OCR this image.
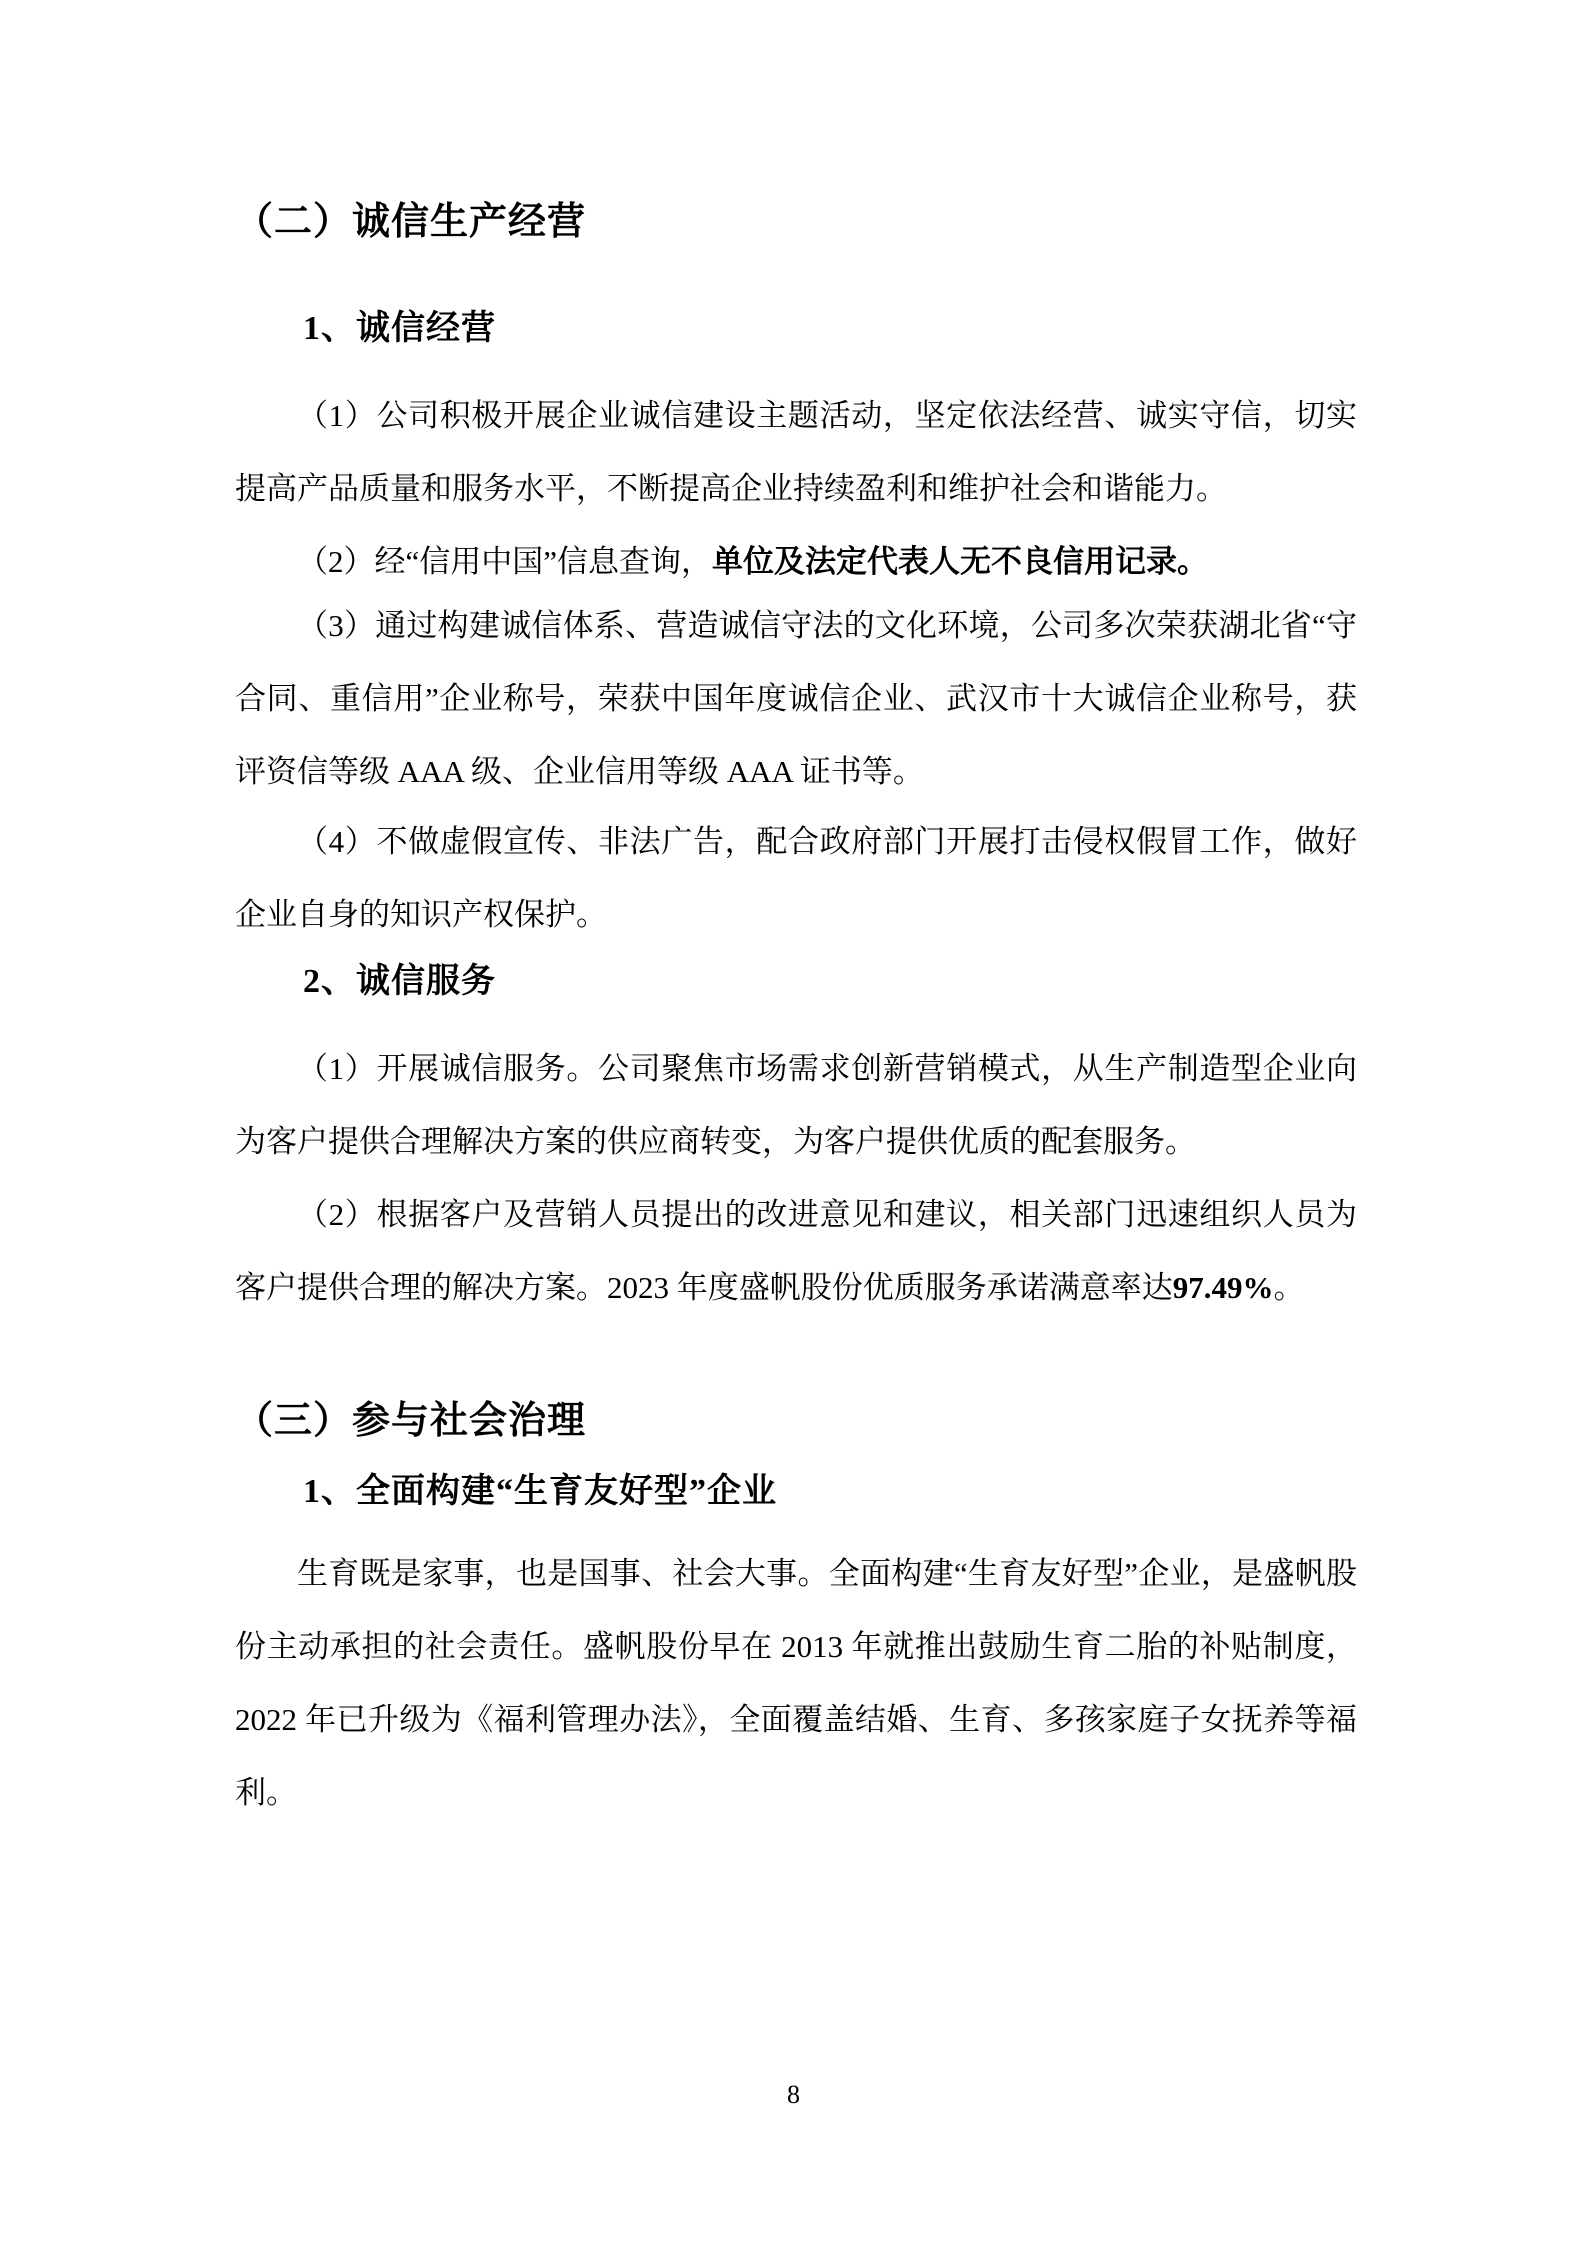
（二）诚信生产经营
1、诚信经营

（1）公司积极开展企业诚信建设主题活动，坚定依法经营、诚实守信，切实提高产品质量和服务水平，不断提高企业持续盈利和维护社会和谐能力。

（2）经“信用中国”信息查询，单位及法定代表人无不良信用记录。

（3）通过构建诚信体系、营造诚信守法的文化环境，公司多次荣获湖北省“守合同、重信用”企业称号，荣获中国年度诚信企业、武汉市十大诚信企业称号，获评资信等级 AAA 级、企业信用等级 AAA 证书等。

（4）不做虚假宣传、非法广告，配合政府部门开展打击侵权假冒工作，做好企业自身的知识产权保护。

2、诚信服务

（1）开展诚信服务。公司聚焦市场需求创新营销模式，从生产制造型企业向为客户提供合理解决方案的供应商转变，为客户提供优质的配套服务。

（2）根据客户及营销人员提出的改进意见和建议，相关部门迅速组织人员为客户提供合理的解决方案。2023 年度盛帆股份优质服务承诺满意率达97.49%。

（三）参与社会治理
1、全面构建“生育友好型”企业

生育既是家事，也是国事、社会大事。全面构建“生育友好型”企业，是盛帆股份主动承担的社会责任。盛帆股份早在 2013 年就推出鼓励生育二胎的补贴制度，2022 年已升级为《福利管理办法》，全面覆盖结婚、生育、多孩家庭子女抚养等福利。

8
